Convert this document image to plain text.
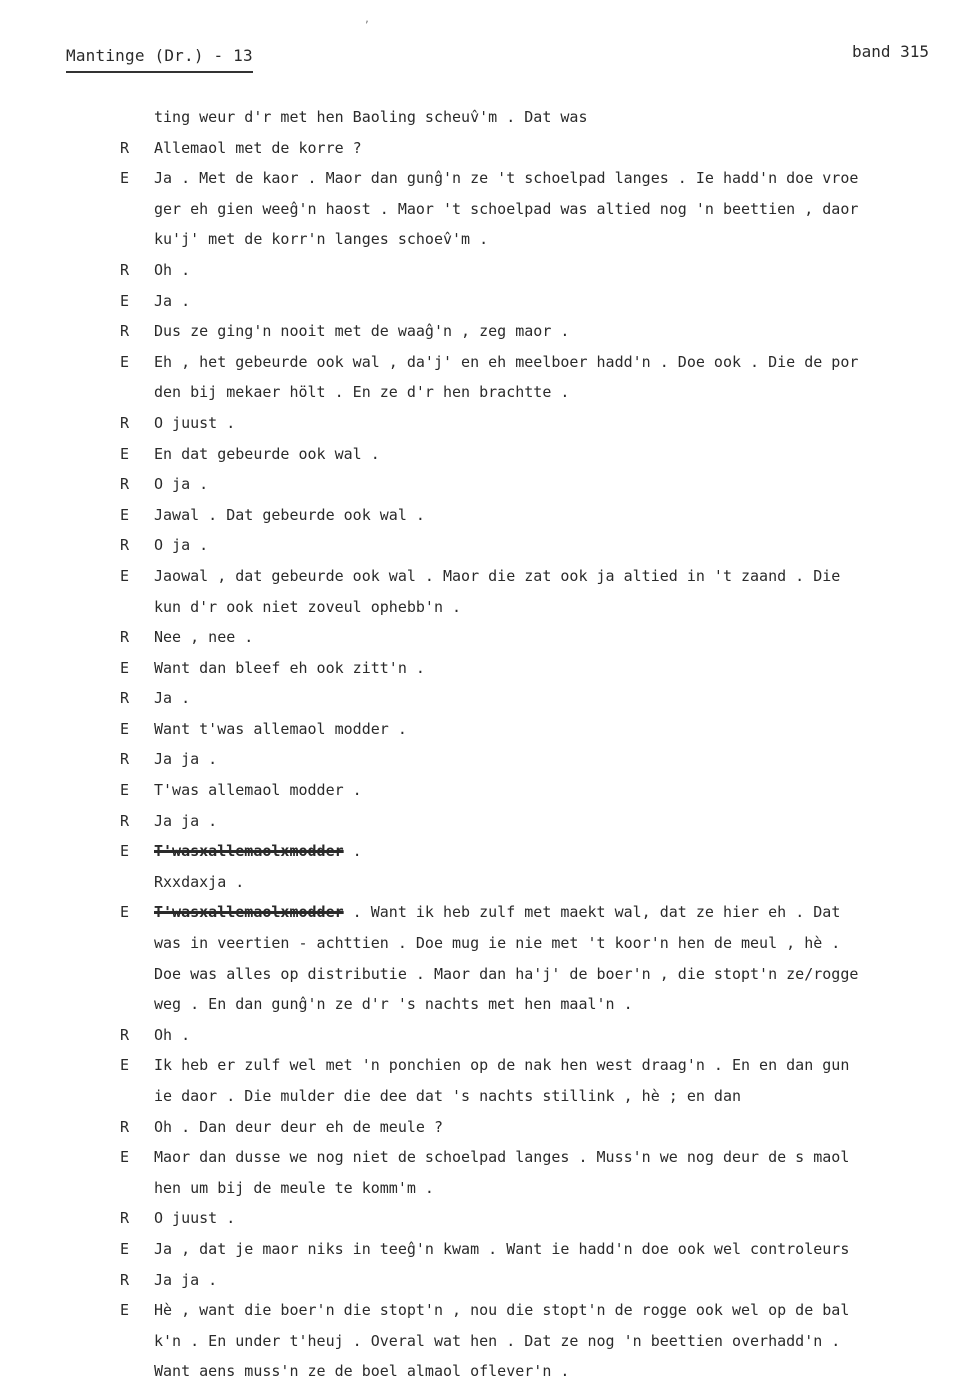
,
Mantinge (Dr.) - 13	band 315
ting weur d'r met hen Baoling scheuv̂'m . Dat was
R	Allemaol met de korre ?
E	Ja . Met de kaor . Maor dan gunĝ'n ze 't schoelpad langes . Ie hadd'n doe vroe
ger eh gien weeĝ'n haost . Maor 't schoelpad was altied nog 'n beettien , daor
ku'j' met de korr'n langes schoev̂'m .
R	Oh .
E	Ja .
R	Dus ze ging'n nooit met de waaĝ'n , zeg maor .
E	Eh , het gebeurde ook wal , da'j' en eh meelboer hadd'n . Doe ook . Die de por
den bij mekaer hölt . En ze d'r hen brachtte .
R	O juust .
E	En dat gebeurde ook wal .
R	O ja .
E	Jawal . Dat gebeurde ook wal .
R	O ja .
E	Jaowal , dat gebeurde ook wal . Maor die zat ook ja altied in 't zaand . Die
kun d'r ook niet zoveul ophebb'n .
R	Nee , nee .
E	Want dan bleef eh ook zitt'n .
R	Ja .
E	Want t'was allemaol modder .
R	Ja ja .
E	T'was allemaol modder .
R	Ja ja .
E	T'wasxallemaolxmodder .
Rxxdaxja .
E	T'wasxallemaolxmodder . Want ik heb zulf met maekt wal, dat ze hier eh . Dat
was in veertien - achttien . Doe mug ie nie met 't koor'n hen de meul , hè .
Doe was alles op distributie . Maor dan ha'j' de boer'n , die stopt'n ze/rogge
weg . En dan gunĝ'n ze d'r 's nachts met hen maal'n .
R	Oh .
E	Ik heb er zulf wel met 'n ponchien op de nak hen west draag'n . En en dan gun
ie daor . Die mulder die dee dat 's nachts stillink , hè ; en dan
R	Oh . Dan deur deur eh de meule ?
E	Maor dan dusse we nog niet de schoelpad langes . Muss'n we nog deur de s maol
hen um bij de meule te komm'm .
R	O juust .
E	Ja , dat je maor niks in teeĝ'n kwam . Want ie hadd'n doe ook wel controleurs
R	Ja ja .
E	Hè , want die boer'n die stopt'n , nou die stopt'n de rogge ook wel op de bal
k'n . En under t'heuj . Overal wat hen . Dat ze nog 'n beettien overhadd'n .
Want aens muss'n ze de boel almaol oflever'n .
